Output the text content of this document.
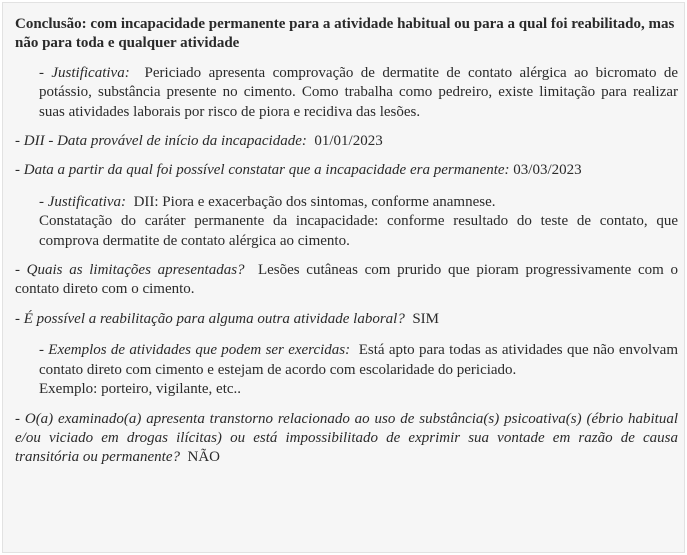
Conclusão: com incapacidade permanente para a atividade habitual ou para a qual foi reabilitado, mas não para toda e qualquer atividade

- Justificativa: Periciado apresenta comprovação de dermatite de contato alérgica ao bicromato de potássio, substância presente no cimento. Como trabalha como pedreiro, existe limitação para realizar suas atividades laborais por risco de piora e recidiva das lesões.

- DII - Data provável de início da incapacidade: 01/01/2023

- Data a partir da qual foi possível constatar que a incapacidade era permanente: 03/03/2023

- Justificativa: DII: Piora e exacerbação dos sintomas, conforme anamnese.

Constatação do caráter permanente da incapacidade: conforme resultado do teste de contato, que comprova dermatite de contato alérgica ao cimento.

- Quais as limitações apresentadas? Lesões cutâneas com prurido que pioram progressivamente com o contato direto com o cimento.

- É possível a reabilitação para alguma outra atividade laboral? SIM

- Exemplos de atividades que podem ser exercidas: Está apto para todas as atividades que não envolvam contato direto com cimento e estejam de acordo com escolaridade do periciado.

Exemplo: porteiro, vigilante, etc..

- O(a) examinado(a) apresenta transtorno relacionado ao uso de substância(s) psicoativa(s) (ébrio habitual e/ou viciado em drogas ilícitas) ou está impossibilitado de exprimir sua vontade em razão de causa transitória ou permanente? NÃO
